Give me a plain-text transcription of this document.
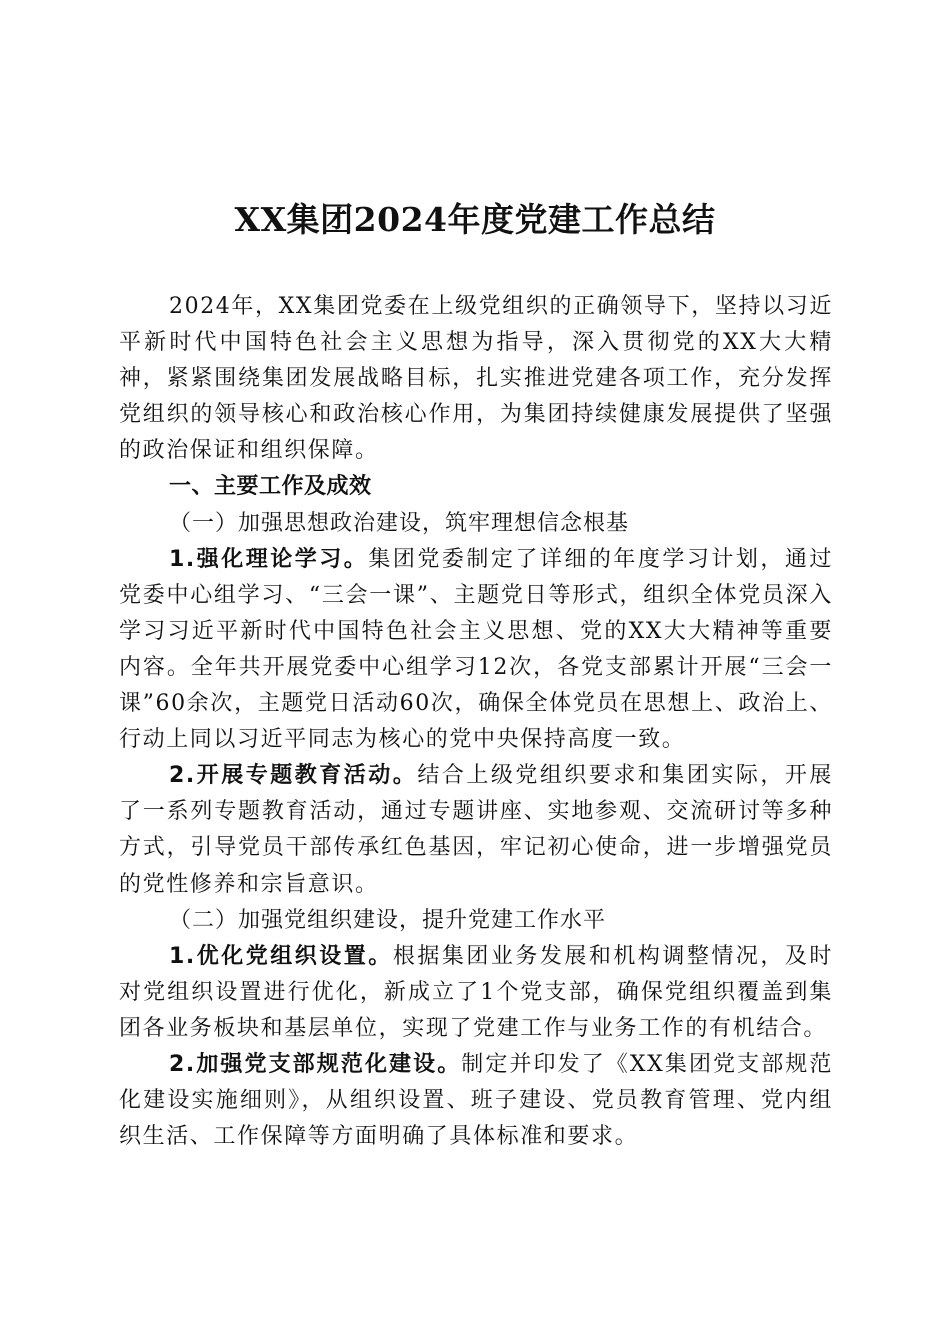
XX集团2024年度党建工作总结

2024年，XX集团党委在上级党组织的正确领导下，坚持以习近平新时代中国特色社会主义思想为指导，深入贯彻党的XX大大精神，紧紧围绕集团发展战略目标，扎实推进党建各项工作，充分发挥党组织的领导核心和政治核心作用，为集团持续健康发展提供了坚强的政治保证和组织保障。

一、主要工作及成效

（一）加强思想政治建设，筑牢理想信念根基

1.强化理论学习。集团党委制定了详细的年度学习计划，通过党委中心组学习、“三会一课”、主题党日等形式，组织全体党员深入学习习近平新时代中国特色社会主义思想、党的XX大大精神等重要内容。全年共开展党委中心组学习12次，各党支部累计开展“三会一课”60余次，主题党日活动60次，确保全体党员在思想上、政治上、行动上同以习近平同志为核心的党中央保持高度一致。

2.开展专题教育活动。结合上级党组织要求和集团实际，开展了一系列专题教育活动，通过专题讲座、实地参观、交流研讨等多种方式，引导党员干部传承红色基因，牢记初心使命，进一步增强党员的党性修养和宗旨意识。

（二）加强党组织建设，提升党建工作水平

1.优化党组织设置。根据集团业务发展和机构调整情况，及时对党组织设置进行优化，新成立了1个党支部，确保党组织覆盖到集团各业务板块和基层单位，实现了党建工作与业务工作的有机结合。

2.加强党支部规范化建设。制定并印发了《XX集团党支部规范化建设实施细则》，从组织设置、班子建设、党员教育管理、党内组织生活、工作保障等方面明确了具体标准和要求。
